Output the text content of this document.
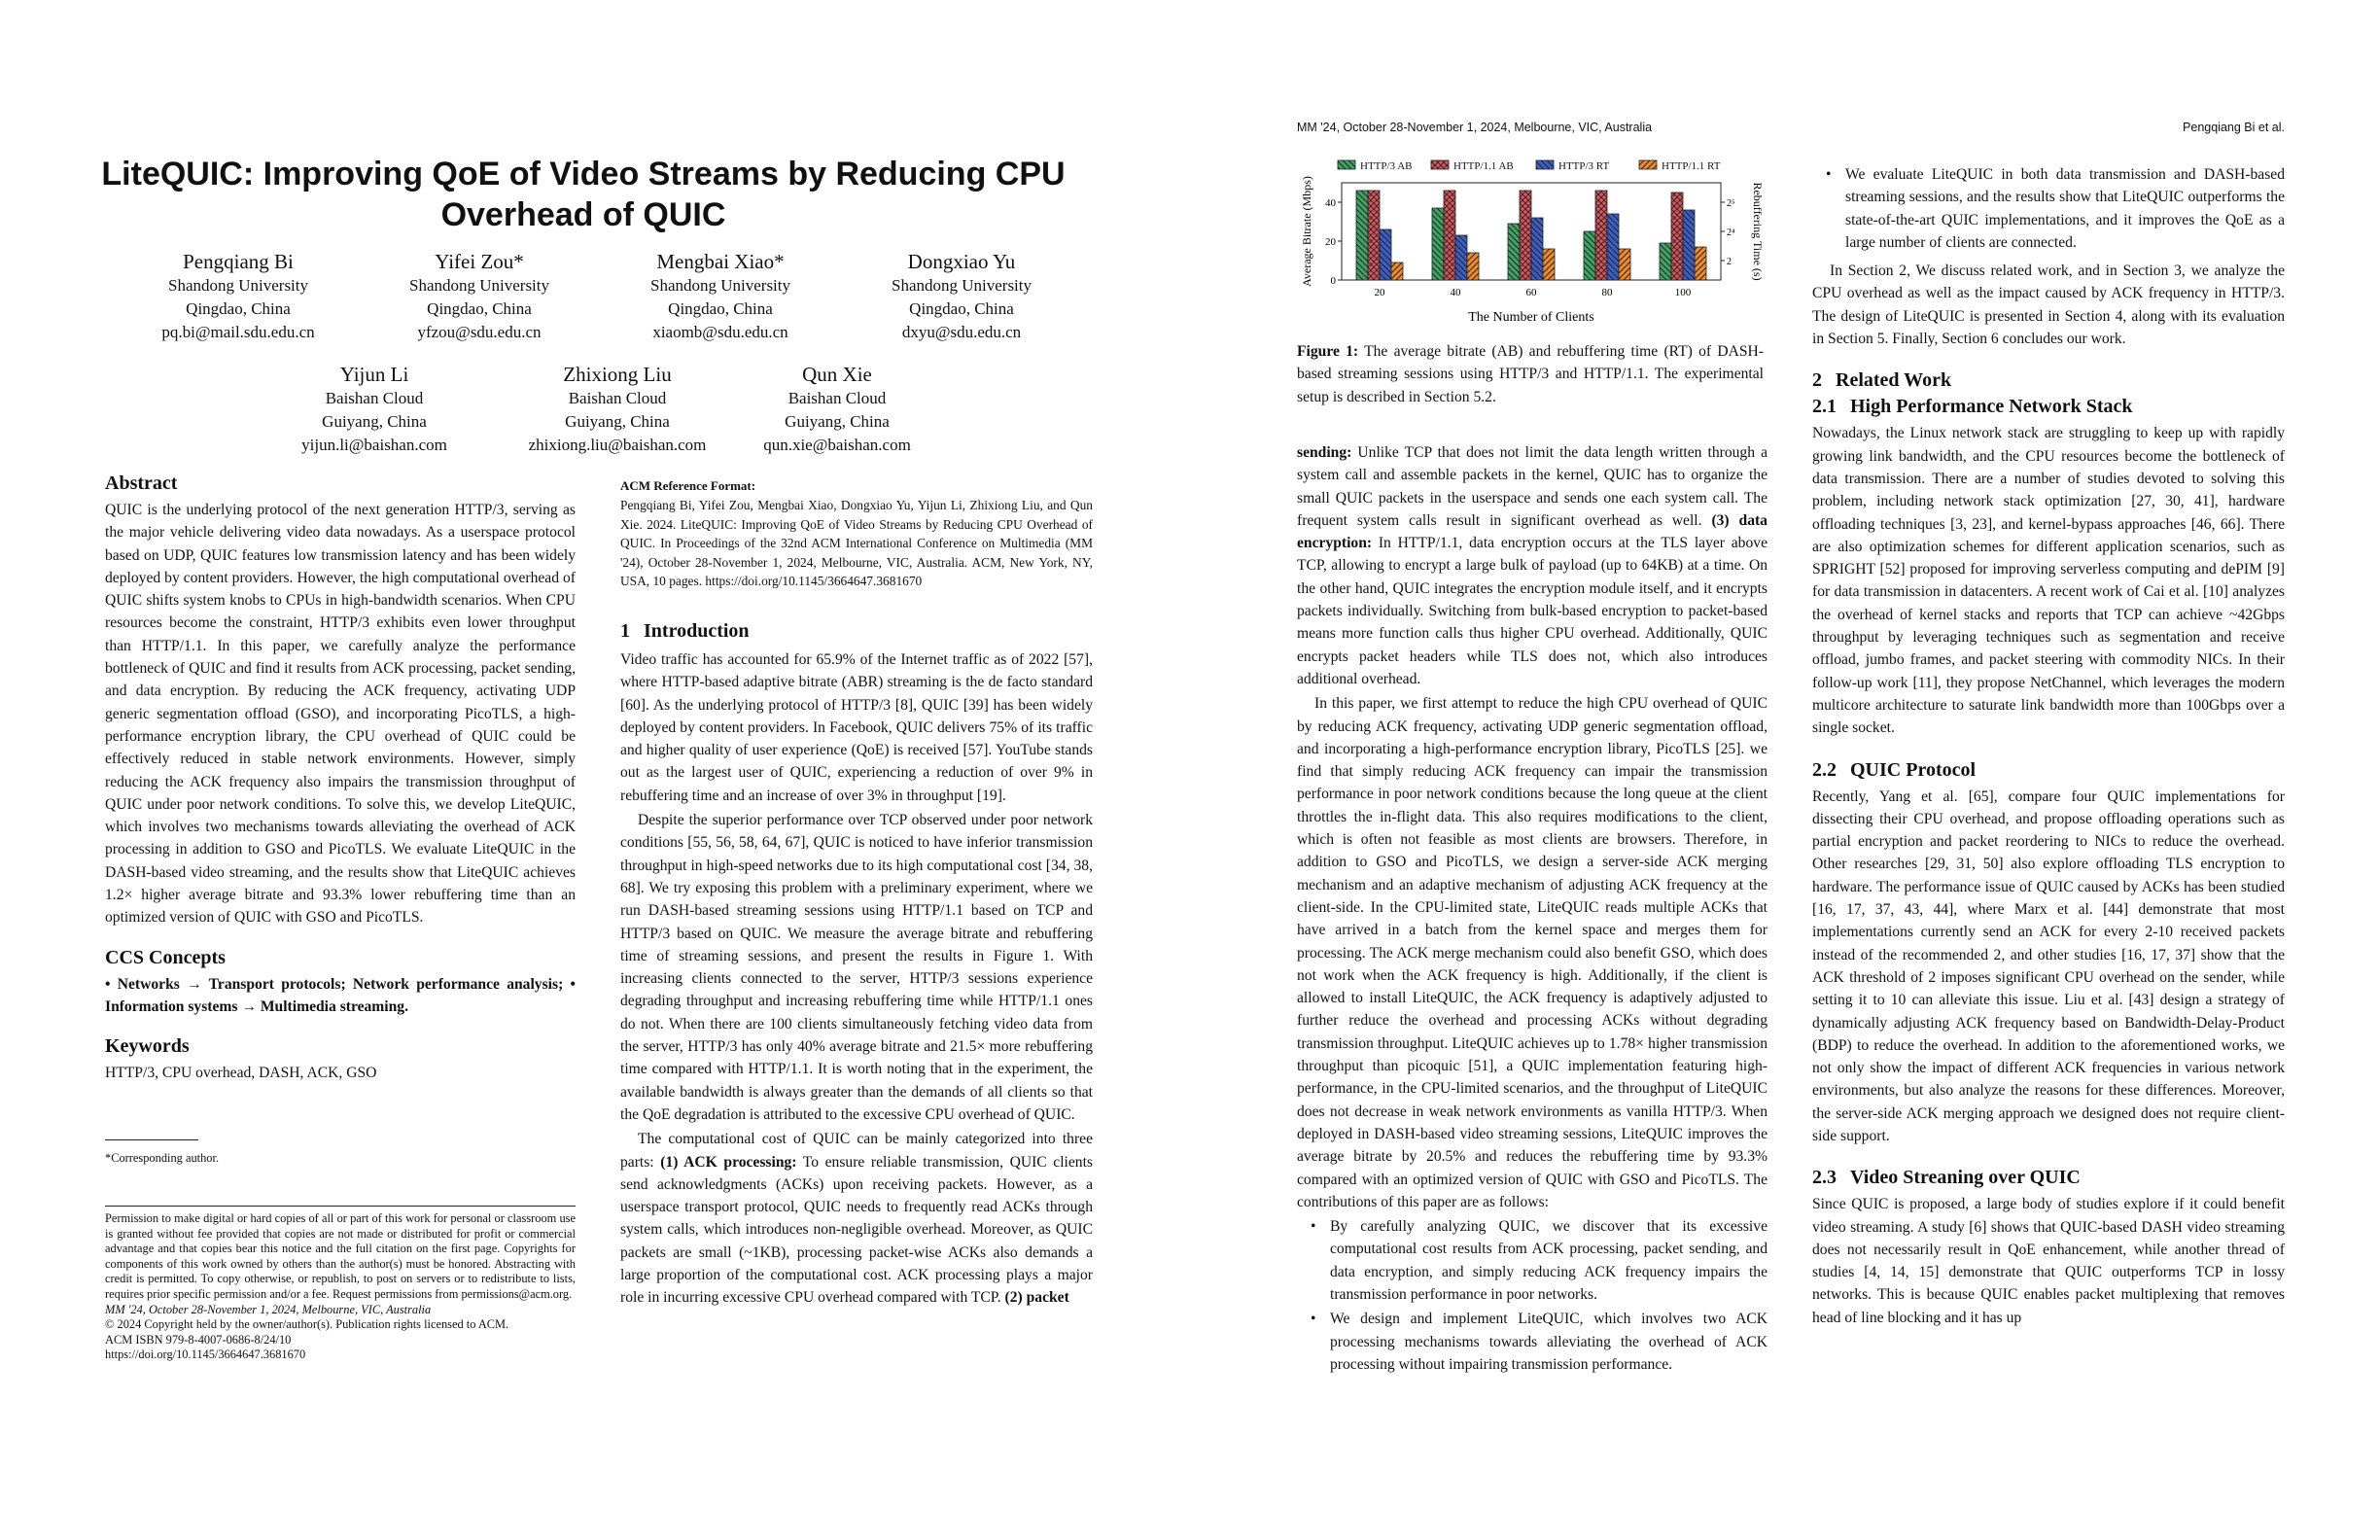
LiteQUIC: Improving QoE of Video Streams by Reducing CPU
Overhead of QUIC
Pengqiang Bi
Shandong University
Qingdao, China
pq.bi@mail.sdu.edu.cn
Yifei Zou*
Shandong University
Qingdao, China
yfzou@sdu.edu.cn
Mengbai Xiao*
Shandong University
Qingdao, China
xiaomb@sdu.edu.cn
Dongxiao Yu
Shandong University
Qingdao, China
dxyu@sdu.edu.cn
Yijun Li
Baishan Cloud
Guiyang, China
yijun.li@baishan.com
Zhixiong Liu
Baishan Cloud
Guiyang, China
zhixiong.liu@baishan.com
Qun Xie
Baishan Cloud
Guiyang, China
qun.xie@baishan.com
Abstract
QUIC is the underlying protocol of the next generation HTTP/3, serving as the major vehicle delivering video data nowadays. As a userspace protocol based on UDP, QUIC features low transmission latency and has been widely deployed by content providers. However, the high computational overhead of QUIC shifts system knobs to CPUs in high-bandwidth scenarios. When CPU resources become the constraint, HTTP/3 exhibits even lower throughput than HTTP/1.1. In this paper, we carefully analyze the performance bottleneck of QUIC and find it results from ACK processing, packet sending, and data encryption. By reducing the ACK frequency, activating UDP generic segmentation offload (GSO), and incorporating PicoTLS, a high-performance encryption library, the CPU overhead of QUIC could be effectively reduced in stable network environments. However, simply reducing the ACK frequency also impairs the transmission throughput of QUIC under poor network conditions. To solve this, we develop LiteQUIC, which involves two mechanisms towards alleviating the overhead of ACK processing in addition to GSO and PicoTLS. We evaluate LiteQUIC in the DASH-based video streaming, and the results show that LiteQUIC achieves 1.2× higher average bitrate and 93.3% lower rebuffering time than an optimized version of QUIC with GSO and PicoTLS.
CCS Concepts
• Networks → Transport protocols; Network performance analysis; • Information systems → Multimedia streaming.
Keywords
HTTP/3, CPU overhead, DASH, ACK, GSO
*Corresponding author.
Permission to make digital or hard copies of all or part of this work for personal or classroom use is granted without fee provided that copies are not made or distributed for profit or commercial advantage and that copies bear this notice and the full citation on the first page. Copyrights for components of this work owned by others than the author(s) must be honored. Abstracting with credit is permitted. To copy otherwise, or republish, to post on servers or to redistribute to lists, requires prior specific permission and/or a fee. Request permissions from permissions@acm.org.
MM '24, October 28-November 1, 2024, Melbourne, VIC, Australia
© 2024 Copyright held by the owner/author(s). Publication rights licensed to ACM.
ACM ISBN 979-8-4007-0686-8/24/10
https://doi.org/10.1145/3664647.3681670
ACM Reference Format:
Pengqiang Bi, Yifei Zou, Mengbai Xiao, Dongxiao Yu, Yijun Li, Zhixiong Liu, and Qun Xie. 2024. LiteQUIC: Improving QoE of Video Streams by Reducing CPU Overhead of QUIC. In Proceedings of the 32nd ACM International Conference on Multimedia (MM '24), October 28-November 1, 2024, Melbourne, VIC, Australia. ACM, New York, NY, USA, 10 pages. https://doi.org/10.1145/3664647.3681670
1 Introduction
Video traffic has accounted for 65.9% of the Internet traffic as of 2022 [57], where HTTP-based adaptive bitrate (ABR) streaming is the de facto standard [60]. As the underlying protocol of HTTP/3 [8], QUIC [39] has been widely deployed by content providers. In Facebook, QUIC delivers 75% of its traffic and higher quality of user experience (QoE) is received [57]. YouTube stands out as the largest user of QUIC, experiencing a reduction of over 9% in rebuffering time and an increase of over 3% in throughput [19].
Despite the superior performance over TCP observed under poor network conditions [55, 56, 58, 64, 67], QUIC is noticed to have inferior transmission throughput in high-speed networks due to its high computational cost [34, 38, 68]. We try exposing this problem with a preliminary experiment, where we run DASH-based streaming sessions using HTTP/1.1 based on TCP and HTTP/3 based on QUIC. We measure the average bitrate and rebuffering time of streaming sessions, and present the results in Figure 1. With increasing clients connected to the server, HTTP/3 sessions experience degrading throughput and increasing rebuffering time while HTTP/1.1 ones do not. When there are 100 clients simultaneously fetching video data from the server, HTTP/3 has only 40% average bitrate and 21.5× more rebuffering time compared with HTTP/1.1. It is worth noting that in the experiment, the available bandwidth is always greater than the demands of all clients so that the QoE degradation is attributed to the excessive CPU overhead of QUIC.
The computational cost of QUIC can be mainly categorized into three parts: (1) ACK processing: To ensure reliable transmission, QUIC clients send acknowledgments (ACKs) upon receiving packets. However, as a userspace transport protocol, QUIC needs to frequently read ACKs through system calls, which introduces non-negligible overhead. Moreover, as QUIC packets are small (~1KB), processing packet-wise ACKs also demands a large proportion of the computational cost. ACK processing plays a major role in incurring excessive CPU overhead compared with TCP. (2) packet
MM '24, October 28-November 1, 2024, Melbourne, VIC, Australia	Pengqiang Bi et al.
HTTP/3 AB	HTTP/1.1 AB	HTTP/3 RT	HTTP/1.1 RT
0
20
40
2
2⁴
2⁵
Average Bitrate (Mbps)	Rebuffering Time (s)
The Number of Clients
20	40	60	80	100
Figure 1: The average bitrate (AB) and rebuffering time (RT) of DASH-based streaming sessions using HTTP/3 and HTTP/1.1. The experimental setup is described in Section 5.2.
sending: Unlike TCP that does not limit the data length written through a system call and assemble packets in the kernel, QUIC has to organize the small QUIC packets in the userspace and sends one each system call. The frequent system calls result in significant overhead as well. (3) data encryption: In HTTP/1.1, data encryption occurs at the TLS layer above TCP, allowing to encrypt a large bulk of payload (up to 64KB) at a time. On the other hand, QUIC integrates the encryption module itself, and it encrypts packets individually. Switching from bulk-based encryption to packet-based means more function calls thus higher CPU overhead. Additionally, QUIC encrypts packet headers while TLS does not, which also introduces additional overhead.
In this paper, we first attempt to reduce the high CPU overhead of QUIC by reducing ACK frequency, activating UDP generic segmentation offload, and incorporating a high-performance encryption library, PicoTLS [25]. we find that simply reducing ACK frequency can impair the transmission performance in poor network conditions because the long queue at the client throttles the in-flight data. This also requires modifications to the client, which is often not feasible as most clients are browsers. Therefore, in addition to GSO and PicoTLS, we design a server-side ACK merging mechanism and an adaptive mechanism of adjusting ACK frequency at the client-side. In the CPU-limited state, LiteQUIC reads multiple ACKs that have arrived in a batch from the kernel space and merges them for processing. The ACK merge mechanism could also benefit GSO, which does not work when the ACK frequency is high. Additionally, if the client is allowed to install LiteQUIC, the ACK frequency is adaptively adjusted to further reduce the overhead and processing ACKs without degrading transmission throughput. LiteQUIC achieves up to 1.78× higher transmission throughput than picoquic [51], a QUIC implementation featuring high-performance, in the CPU-limited scenarios, and the throughput of LiteQUIC does not decrease in weak network environments as vanilla HTTP/3. When deployed in DASH-based video streaming sessions, LiteQUIC improves the average bitrate by 20.5% and reduces the rebuffering time by 93.3% compared with an optimized version of QUIC with GSO and PicoTLS. The contributions of this paper are as follows:
• By carefully analyzing QUIC, we discover that its excessive computational cost results from ACK processing, packet sending, and data encryption, and simply reducing ACK frequency impairs the transmission performance in poor networks.
• We design and implement LiteQUIC, which involves two ACK processing mechanisms towards alleviating the overhead of ACK processing without impairing transmission performance.
• We evaluate LiteQUIC in both data transmission and DASH-based streaming sessions, and the results show that LiteQUIC outperforms the state-of-the-art QUIC implementations, and it improves the QoE as a large number of clients are connected.
In Section 2, We discuss related work, and in Section 3, we analyze the CPU overhead as well as the impact caused by ACK frequency in HTTP/3. The design of LiteQUIC is presented in Section 4, along with its evaluation in Section 5. Finally, Section 6 concludes our work.
2 Related Work
2.1 High Performance Network Stack
Nowadays, the Linux network stack are struggling to keep up with rapidly growing link bandwidth, and the CPU resources become the bottleneck of data transmission. There are a number of studies devoted to solving this problem, including network stack optimization [27, 30, 41], hardware offloading techniques [3, 23], and kernel-bypass approaches [46, 66]. There are also optimization schemes for different application scenarios, such as SPRIGHT [52] proposed for improving serverless computing and dePIM [9] for data transmission in datacenters. A recent work of Cai et al. [10] analyzes the overhead of kernel stacks and reports that TCP can achieve ~42Gbps throughput by leveraging techniques such as segmentation and receive offload, jumbo frames, and packet steering with commodity NICs. In their follow-up work [11], they propose NetChannel, which leverages the modern multicore architecture to saturate link bandwidth more than 100Gbps over a single socket.
2.2 QUIC Protocol
Recently, Yang et al. [65], compare four QUIC implementations for dissecting their CPU overhead, and propose offloading operations such as partial encryption and packet reordering to NICs to reduce the overhead. Other researches [29, 31, 50] also explore offloading TLS encryption to hardware. The performance issue of QUIC caused by ACKs has been studied [16, 17, 37, 43, 44], where Marx et al. [44] demonstrate that most implementations currently send an ACK for every 2-10 received packets instead of the recommended 2, and other studies [16, 17, 37] show that the ACK threshold of 2 imposes significant CPU overhead on the sender, while setting it to 10 can alleviate this issue. Liu et al. [43] design a strategy of dynamically adjusting ACK frequency based on Bandwidth-Delay-Product (BDP) to reduce the overhead. In addition to the aforementioned works, we not only show the impact of different ACK frequencies in various network environments, but also analyze the reasons for these differences. Moreover, the server-side ACK merging approach we designed does not require client-side support.
2.3 Video Streaning over QUIC
Since QUIC is proposed, a large body of studies explore if it could benefit video streaming. A study [6] shows that QUIC-based DASH video streaming does not necessarily result in QoE enhancement, while another thread of studies [4, 14, 15] demonstrate that QUIC outperforms TCP in lossy networks. This is because QUIC enables packet multiplexing that removes head of line blocking and it has up
